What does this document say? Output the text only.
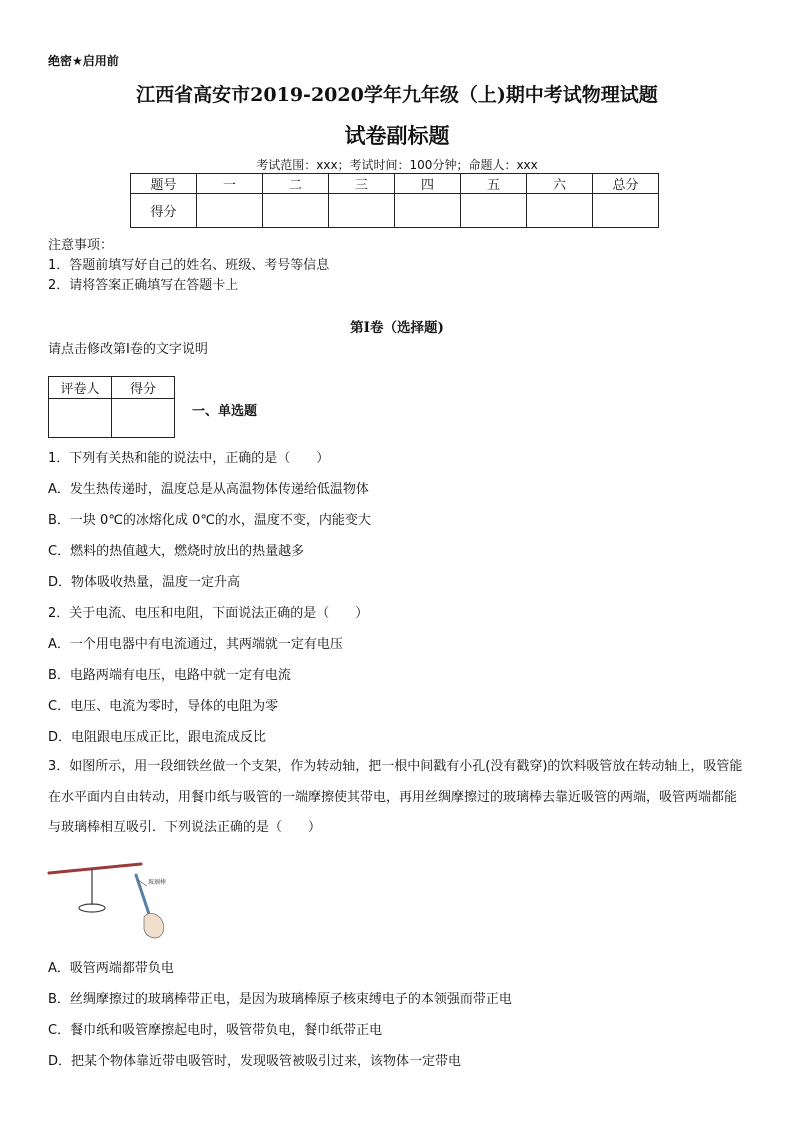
绝密★启用前
江西省高安市2019-2020学年九年级（上)期中考试物理试题
试卷副标题
考试范围：xxx；考试时间：100分钟；命题人：xxx
题号	一	二	三	四	五	六	总分
得分							
注意事项：
1．答题前填写好自己的姓名、班级、考号等信息
2．请将答案正确填写在答题卡上
第I卷（选择题)
请点击修改第I卷的文字说明
评卷人	得分

一、单选题
1．下列有关热和能的说法中，正确的是（　　）
A．发生热传递时，温度总是从高温物体传递给低温物体
B．一块 0℃的冰熔化成 0℃的水，温度不变，内能变大
C．燃料的热值越大，燃烧时放出的热量越多
D．物体吸收热量，温度一定升高
2．关于电流、电压和电阻，下面说法正确的是（　　）
A．一个用电器中有电流通过，其两端就一定有电压
B．电路两端有电压，电路中就一定有电流
C．电压、电流为零时，导体的电阻为零
D．电阻跟电压成正比，跟电流成反比
3．如图所示，用一段细铁丝做一个支架，作为转动轴，把一根中间戳有小孔(没有戳穿)的饮料吸管放在转动轴上，吸管能在水平面内自由转动，用餐巾纸与吸管的一端摩擦使其带电，再用丝绸摩擦过的玻璃棒去靠近吸管的两端，吸管两端都能与玻璃棒相互吸引．下列说法正确的是（　　）
玻璃棒
A．吸管两端都带负电
B．丝绸摩擦过的玻璃棒带正电，是因为玻璃棒原子核束缚电子的本领强而带正电
C．餐巾纸和吸管摩擦起电时，吸管带负电，餐巾纸带正电
D．把某个物体靠近带电吸管时，发现吸管被吸引过来，该物体一定带电
